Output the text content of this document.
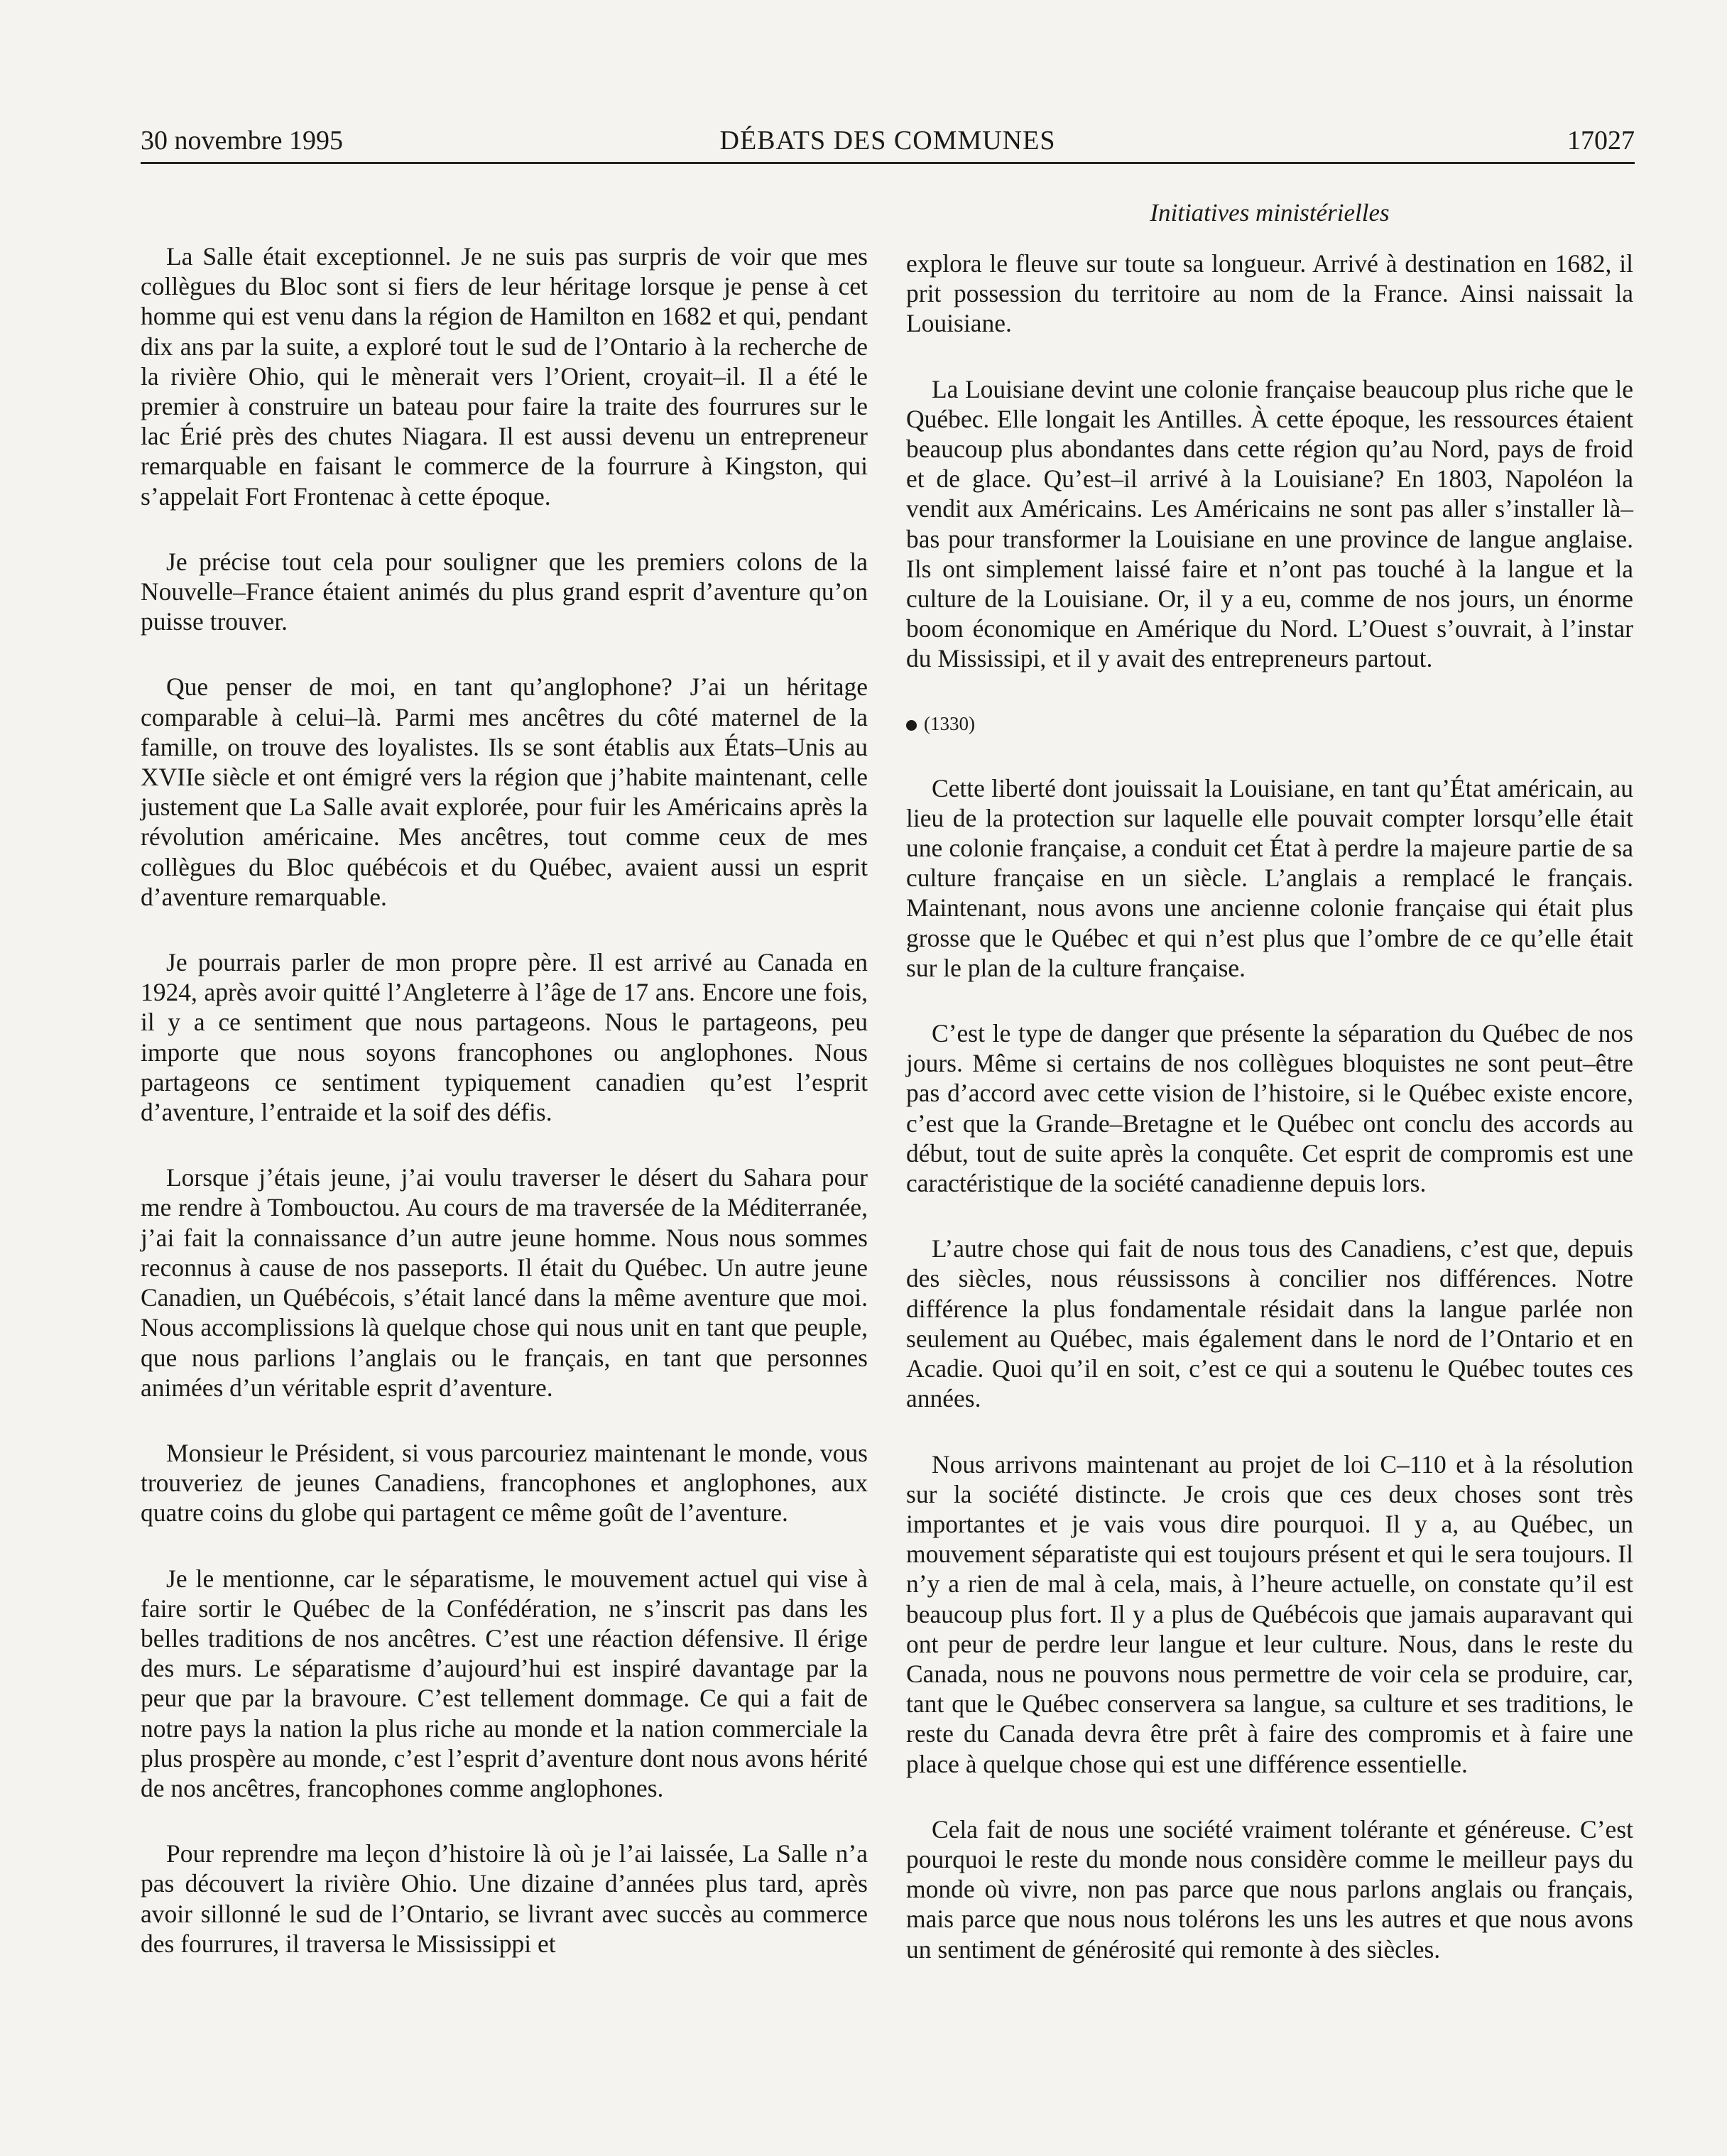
30 novembre 1995	DÉBATS DES COMMUNES	17027
Initiatives ministérielles

La Salle était exceptionnel. Je ne suis pas surpris de voir que mes collègues du Bloc sont si fiers de leur héritage lorsque je pense à cet homme qui est venu dans la région de Hamilton en 1682 et qui, pendant dix ans par la suite, a exploré tout le sud de l’Ontario à la recherche de la rivière Ohio, qui le mènerait vers l’Orient, croyait–il. Il a été le premier à construire un bateau pour faire la traite des fourrures sur le lac Érié près des chutes Niagara. Il est aussi devenu un entrepreneur remarquable en faisant le commerce de la fourrure à Kingston, qui s’appelait Fort Frontenac à cette époque.

Je précise tout cela pour souligner que les premiers colons de la Nouvelle–France étaient animés du plus grand esprit d’aventure qu’on puisse trouver.

Que penser de moi, en tant qu’anglophone? J’ai un héritage comparable à celui–là. Parmi mes ancêtres du côté maternel de la famille, on trouve des loyalistes. Ils se sont établis aux États–Unis au XVIIe siècle et ont émigré vers la région que j’habite maintenant, celle justement que La Salle avait explorée, pour fuir les Américains après la révolution américaine. Mes ancêtres, tout comme ceux de mes collègues du Bloc québécois et du Québec, avaient aussi un esprit d’aventure remarquable.

Je pourrais parler de mon propre père. Il est arrivé au Canada en 1924, après avoir quitté l’Angleterre à l’âge de 17 ans. Encore une fois, il y a ce sentiment que nous partageons. Nous le partageons, peu importe que nous soyons francophones ou anglophones. Nous partageons ce sentiment typiquement canadien qu’est l’esprit d’aventure, l’entraide et la soif des défis.

Lorsque j’étais jeune, j’ai voulu traverser le désert du Sahara pour me rendre à Tombouctou. Au cours de ma traversée de la Méditerranée, j’ai fait la connaissance d’un autre jeune homme. Nous nous sommes reconnus à cause de nos passeports. Il était du Québec. Un autre jeune Canadien, un Québécois, s’était lancé dans la même aventure que moi. Nous accomplissions là quelque chose qui nous unit en tant que peuple, que nous parlions l’anglais ou le français, en tant que personnes animées d’un véritable esprit d’aventure.

Monsieur le Président, si vous parcouriez maintenant le monde, vous trouveriez de jeunes Canadiens, francophones et anglophones, aux quatre coins du globe qui partagent ce même goût de l’aventure.

Je le mentionne, car le séparatisme, le mouvement actuel qui vise à faire sortir le Québec de la Confédération, ne s’inscrit pas dans les belles traditions de nos ancêtres. C’est une réaction défensive. Il érige des murs. Le séparatisme d’aujourd’hui est inspiré davantage par la peur que par la bravoure. C’est tellement dommage. Ce qui a fait de notre pays la nation la plus riche au monde et la nation commerciale la plus prospère au monde, c’est l’esprit d’aventure dont nous avons hérité de nos ancêtres, francophones comme anglophones.

Pour reprendre ma leçon d’histoire là où je l’ai laissée, La Salle n’a pas découvert la rivière Ohio. Une dizaine d’années plus tard, après avoir sillonné le sud de l’Ontario, se livrant avec succès au commerce des fourrures, il traversa le Mississippi et

explora le fleuve sur toute sa longueur. Arrivé à destination en 1682, il prit possession du territoire au nom de la France. Ainsi naissait la Louisiane.

La Louisiane devint une colonie française beaucoup plus riche que le Québec. Elle longait les Antilles. À cette époque, les ressources étaient beaucoup plus abondantes dans cette région qu’au Nord, pays de froid et de glace. Qu’est–il arrivé à la Louisiane? En 1803, Napoléon la vendit aux Américains. Les Américains ne sont pas aller s’installer là–bas pour transformer la Louisiane en une province de langue anglaise. Ils ont simplement laissé faire et n’ont pas touché à la langue et la culture de la Louisiane. Or, il y a eu, comme de nos jours, un énorme boom économique en Amérique du Nord. L’Ouest s’ouvrait, à l’instar du Mississipi, et il y avait des entrepreneurs partout.

(1330)

Cette liberté dont jouissait la Louisiane, en tant qu’État américain, au lieu de la protection sur laquelle elle pouvait compter lorsqu’elle était une colonie française, a conduit cet État à perdre la majeure partie de sa culture française en un siècle. L’anglais a remplacé le français. Maintenant, nous avons une ancienne colonie française qui était plus grosse que le Québec et qui n’est plus que l’ombre de ce qu’elle était sur le plan de la culture française.

C’est le type de danger que présente la séparation du Québec de nos jours. Même si certains de nos collègues bloquistes ne sont peut–être pas d’accord avec cette vision de l’histoire, si le Québec existe encore, c’est que la Grande–Bretagne et le Québec ont conclu des accords au début, tout de suite après la conquête. Cet esprit de compromis est une caractéristique de la société canadienne depuis lors.

L’autre chose qui fait de nous tous des Canadiens, c’est que, depuis des siècles, nous réussissons à concilier nos différences. Notre différence la plus fondamentale résidait dans la langue parlée non seulement au Québec, mais également dans le nord de l’Ontario et en Acadie. Quoi qu’il en soit, c’est ce qui a soutenu le Québec toutes ces années.

Nous arrivons maintenant au projet de loi C–110 et à la résolution sur la société distincte. Je crois que ces deux choses sont très importantes et je vais vous dire pourquoi. Il y a, au Québec, un mouvement séparatiste qui est toujours présent et qui le sera toujours. Il n’y a rien de mal à cela, mais, à l’heure actuelle, on constate qu’il est beaucoup plus fort. Il y a plus de Québécois que jamais auparavant qui ont peur de perdre leur langue et leur culture. Nous, dans le reste du Canada, nous ne pouvons nous permettre de voir cela se produire, car, tant que le Québec conservera sa langue, sa culture et ses traditions, le reste du Canada devra être prêt à faire des compromis et à faire une place à quelque chose qui est une différence essentielle.

Cela fait de nous une société vraiment tolérante et généreuse. C’est pourquoi le reste du monde nous considère comme le meilleur pays du monde où vivre, non pas parce que nous parlons anglais ou français, mais parce que nous nous tolérons les uns les autres et que nous avons un sentiment de générosité qui remonte à des siècles.
